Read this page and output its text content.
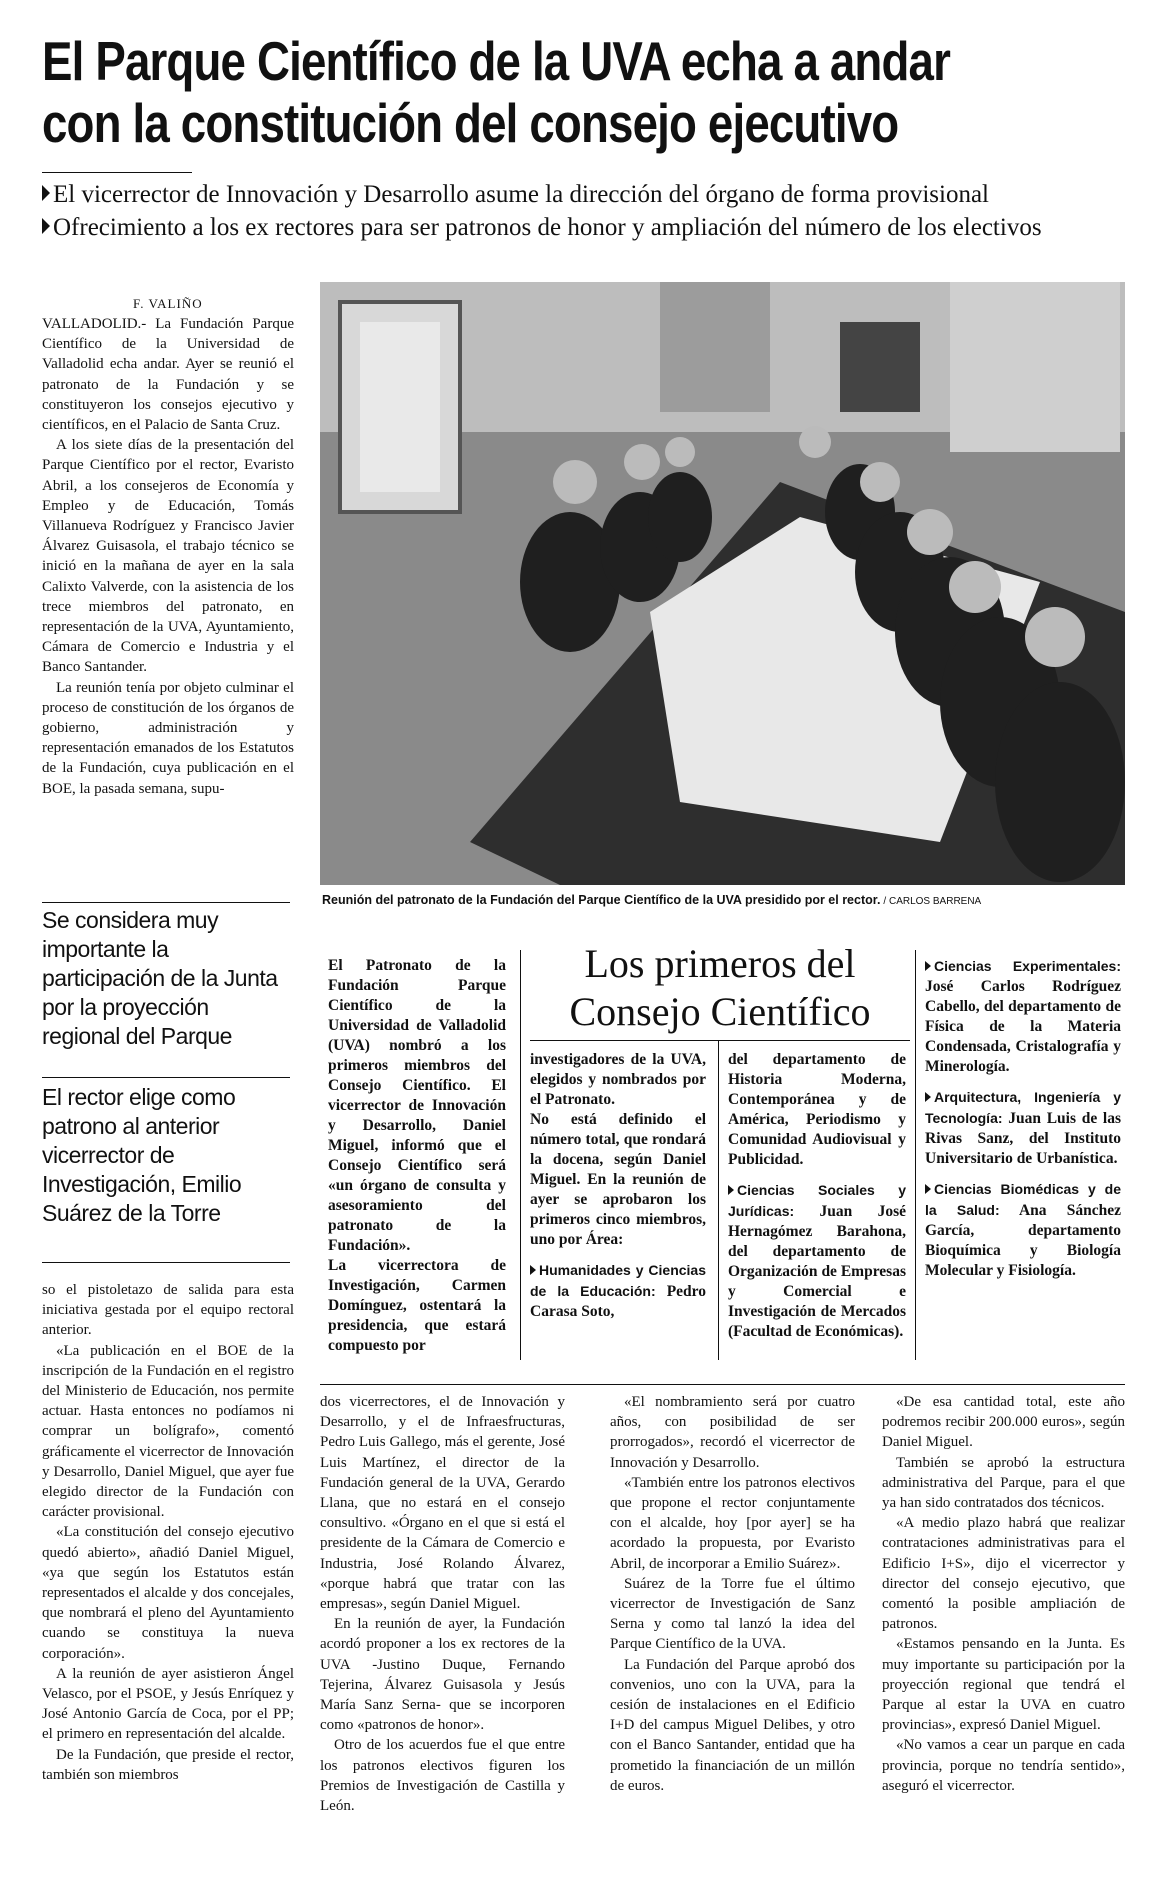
El Parque Científico de la UVA echa a andar
con la constitución del consejo ejecutivo
El vicerrector de Innovación y Desarrollo asume la dirección del órgano de forma provisional
Ofrecimiento a los ex rectores para ser patronos de honor y ampliación del número de los electivos
Reunión del patronato de la Fundación del Parque Científico de la UVA presidido por el rector. / CARLOS BARRENA
F. VALIÑO

VALLADOLID.- La Fundación Parque Científico de la Universidad de Valladolid echa andar. Ayer se reunió el patronato de la Fundación y se constituyeron los consejos ejecutivo y científicos, en el Palacio de Santa Cruz.

A los siete días de la presentación del Parque Científico por el rector, Evaristo Abril, a los consejeros de Economía y Empleo y de Educación, Tomás Villanueva Rodríguez y Francisco Javier Álvarez Guisasola, el trabajo técnico se inició en la mañana de ayer en la sala Calixto Valverde, con la asistencia de los trece miembros del patronato, en representación de la UVA, Ayuntamiento, Cámara de Comercio e Industria y el Banco Santander.

La reunión tenía por objeto culminar el proceso de constitución de los órganos de gobierno, administración y representación emanados de los Estatutos de la Fundación, cuya publicación en el BOE, la pasada semana, supu-

Se considera muy importante la participación de la Junta por la proyección regional del Parque
El rector elige como patrono al anterior vicerrector de Investigación, Emilio Suárez de la Torre

so el pistoletazo de salida para esta iniciativa gestada por el equipo rectoral anterior.

«La publicación en el BOE de la inscripción de la Fundación en el registro del Ministerio de Educación, nos permite actuar. Hasta entonces no podíamos ni comprar un bolígrafo», comentó gráficamente el vicerrector de Innovación y Desarrollo, Daniel Miguel, que ayer fue elegido director de la Fundación con carácter provisional.

«La constitución del consejo ejecutivo quedó abierto», añadió Daniel Miguel, «ya que según los Estatutos están representados el alcalde y dos concejales, que nombrará el pleno del Ayuntamiento cuando se constituya la nueva corporación».

A la reunión de ayer asistieron Ángel Velasco, por el PSOE, y Jesús Enríquez y José Antonio García de Coca, por el PP; el primero en representación del alcalde.

De la Fundación, que preside el rector, también son miembros

Los primeros del
Consejo Científico

El Patronato de la Fundación Parque Científico de la Universidad de Valladolid (UVA) nombró a los primeros miembros del Consejo Científico. El vicerrector de Innovación y Desarrollo, Daniel Miguel, informó que el Consejo Científico será «un órgano de consulta y asesoramiento del patronato de la Fundación».

La vicerrectora de Investigación, Carmen Domínguez, ostentará la presidencia, que estará compuesto por

investigadores de la UVA, elegidos y nombrados por el Patronato.

No está definido el número total, que rondará la docena, según Daniel Miguel. En la reunión de ayer se aprobaron los primeros cinco miembros, uno por Área:

Humanidades y Ciencias de la Educación: Pedro Carasa Soto,

del departamento de Historia Moderna, Contemporánea y de América, Periodismo y Comunidad Audiovisual y Publicidad.

Ciencias Sociales y Jurídicas: Juan José Hernagómez Barahona, del departamento de Organización de Empresas y Comercial e Investigación de Mercados (Facultad de Económicas).

Ciencias Experimentales: José Carlos Rodríguez Cabello, del departamento de Física de la Materia Condensada, Cristalografía y Minerología.

Arquitectura, Ingeniería y Tecnología: Juan Luis de las Rivas Sanz, del Instituto Universitario de Urbanística.

Ciencias Biomédicas y de la Salud: Ana Sánchez García, departamento Bioquímica y Biología Molecular y Fisiología.

dos vicerrectores, el de Innovación y Desarrollo, y el de Infraesfructuras, Pedro Luis Gallego, más el gerente, José Luis Martínez, el director de la Fundación general de la UVA, Gerardo Llana, que no estará en el consejo consultivo. «Órgano en el que si está el presidente de la Cámara de Comercio e Industria, José Rolando Álvarez, «porque habrá que tratar con las empresas», según Daniel Miguel.

En la reunión de ayer, la Fundación acordó proponer a los ex rectores de la UVA -Justino Duque, Fernando Tejerina, Álvarez Guisasola y Jesús María Sanz Serna- que se incorporen como «patronos de honor».

Otro de los acuerdos fue el que entre los patronos electivos figuren los Premios de Investigación de Castilla y León.

«El nombramiento será por cuatro años, con posibilidad de ser prorrogados», recordó el vicerrector de Innovación y Desarrollo.

«También entre los patronos electivos que propone el rector conjuntamente con el alcalde, hoy [por ayer] se ha acordado la propuesta, por Evaristo Abril, de incorporar a Emilio Suárez».

Suárez de la Torre fue el último vicerrector de Investigación de Sanz Serna y como tal lanzó la idea del Parque Científico de la UVA.

La Fundación del Parque aprobó dos convenios, uno con la UVA, para la cesión de instalaciones en el Edificio I+D del campus Miguel Delibes, y otro con el Banco Santander, entidad que ha prometido la financiación de un millón de euros.

«De esa cantidad total, este año podremos recibir 200.000 euros», según Daniel Miguel.

También se aprobó la estructura administrativa del Parque, para el que ya han sido contratados dos técnicos.

«A medio plazo habrá que realizar contrataciones administrativas para el Edificio I+S», dijo el vicerrector y director del consejo ejecutivo, que comentó la posible ampliación de patronos.

«Estamos pensando en la Junta. Es muy importante su participación por la proyección regional que tendrá el Parque al estar la UVA en cuatro provincias», expresó Daniel Miguel.

«No vamos a cear un parque en cada provincia, porque no tendría sentido», aseguró el vicerrector.
